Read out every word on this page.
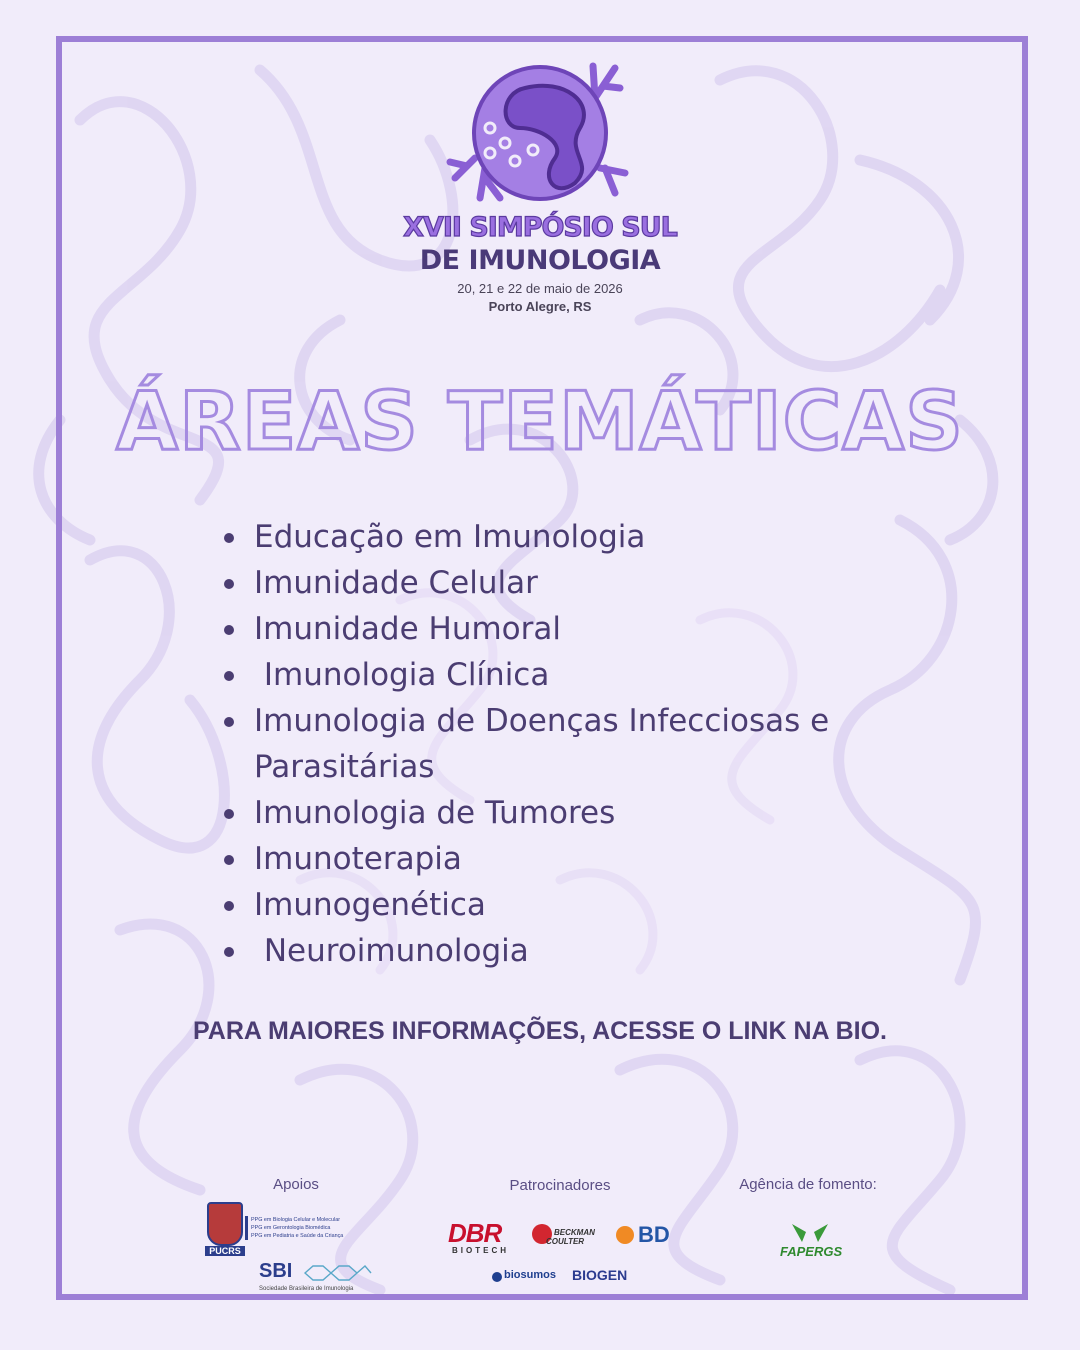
XVII SIMPÓSIO SUL
DE IMUNOLOGIA
20, 21 e 22 de maio de 2026
Porto Alegre, RS
ÁREAS TEMÁTICAS
Educação em Imunologia
Imunidade Celular
Imunidade Humoral
Imunologia Clínica
Imunologia de Doenças Infecciosas e
Parasitárias
Imunologia de Tumores
Imunoterapia
Imunogenética
Neuroimunologia
PARA MAIORES INFORMAÇÕES, ACESSE O LINK NA BIO.
Apoios	Patrocinadores	Agência de fomento:
PUCRS
PPG em Biologia Celular e Molecular
PPG em Gerontologia Biomédica
PPG em Pediatria e Saúde da Criança
SBI
Sociedade Brasileira de Imunologia
DBR
BIOTECH
BECKMAN
COULTER BD
biosumos BIOGEN
FAPERGS
